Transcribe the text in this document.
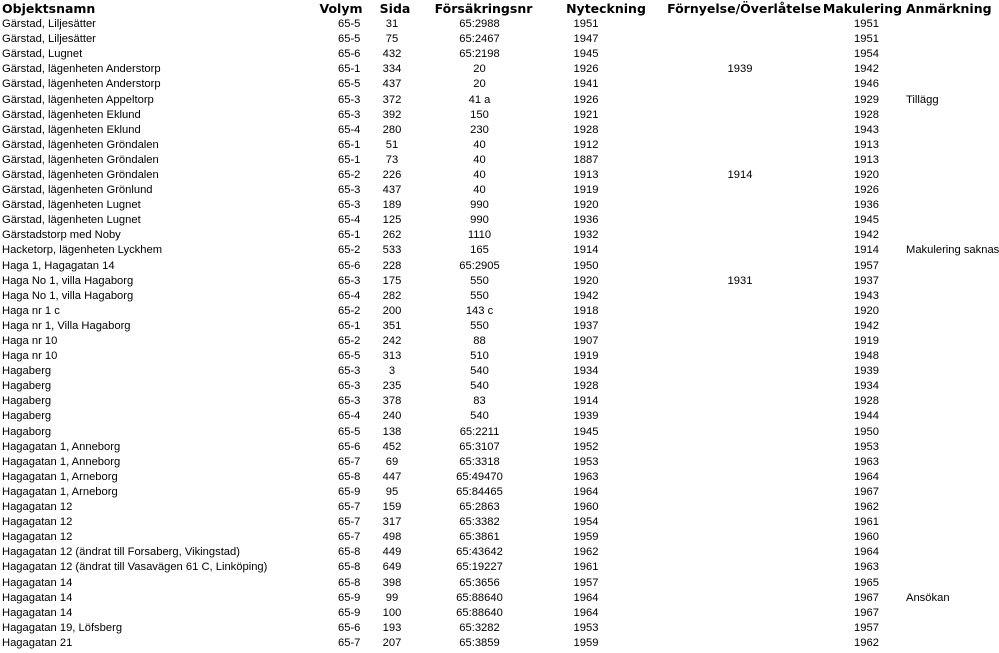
Objektsnamn	Volym	Sida	Försäkringsnr	Nyteckning	Förnyelse/Överlåtelse	Makulering	Anmärkning
Gärstad, Liljesätter	65-5	31	65:2988	1951		1951	
Gärstad, Liljesätter	65-5	75	65:2467	1947		1951	
Gärstad, Lugnet	65-6	432	65:2198	1945		1954	
Gärstad, lägenheten Anderstorp	65-1	334	20	1926	1939	1942	
Gärstad, lägenheten Anderstorp	65-5	437	20	1941		1946	
Gärstad, lägenheten Appeltorp	65-3	372	41 a	1926		1929	Tillägg
Gärstad, lägenheten Eklund	65-3	392	150	1921		1928	
Gärstad, lägenheten Eklund	65-4	280	230	1928		1943	
Gärstad, lägenheten Gröndalen	65-1	51	40	1912		1913	
Gärstad, lägenheten Gröndalen	65-1	73	40	1887		1913	
Gärstad, lägenheten Gröndalen	65-2	226	40	1913	1914	1920	
Gärstad, lägenheten Grönlund	65-3	437	40	1919		1926	
Gärstad, lägenheten Lugnet	65-3	189	990	1920		1936	
Gärstad, lägenheten Lugnet	65-4	125	990	1936		1945	
Gärstadstorp med Noby	65-1	262	1110	1932		1942	
Hacketorp, lägenheten Lyckhem	65-2	533	165	1914		1914	Makulering saknas
Haga 1, Hagagatan 14	65-6	228	65:2905	1950		1957	
Haga No 1, villa Hagaborg	65-3	175	550	1920	1931	1937	
Haga No 1, villa Hagaborg	65-4	282	550	1942		1943	
Haga nr 1 c	65-2	200	143 c	1918		1920	
Haga nr 1, Villa Hagaborg	65-1	351	550	1937		1942	
Haga nr 10	65-2	242	88	1907		1919	
Haga nr 10	65-5	313	510	1919		1948	
Hagaberg	65-3	3	540	1934		1939	
Hagaberg	65-3	235	540	1928		1934	
Hagaberg	65-3	378	83	1914		1928	
Hagaberg	65-4	240	540	1939		1944	
Hagaborg	65-5	138	65:2211	1945		1950	
Hagagatan 1, Anneborg	65-6	452	65:3107	1952		1953	
Hagagatan 1, Anneborg	65-7	69	65:3318	1953		1963	
Hagagatan 1, Arneborg	65-8	447	65:49470	1963		1964	
Hagagatan 1, Arneborg	65-9	95	65:84465	1964		1967	
Hagagatan 12	65-7	159	65:2863	1960		1962	
Hagagatan 12	65-7	317	65:3382	1954		1961	
Hagagatan 12	65-7	498	65:3861	1959		1960	
Hagagatan 12 (ändrat till Forsaberg, Vikingstad)	65-8	449	65:43642	1962		1964	
Hagagatan 12 (ändrat till Vasavägen 61 C, Linköping)	65-8	649	65:19227	1961		1963	
Hagagatan 14	65-8	398	65:3656	1957		1965	
Hagagatan 14	65-9	99	65:88640	1964		1967	Ansökan
Hagagatan 14	65-9	100	65:88640	1964		1967	
Hagagatan 19, Löfsberg	65-6	193	65:3282	1953		1957	
Hagagatan 21	65-7	207	65:3859	1959		1962	
